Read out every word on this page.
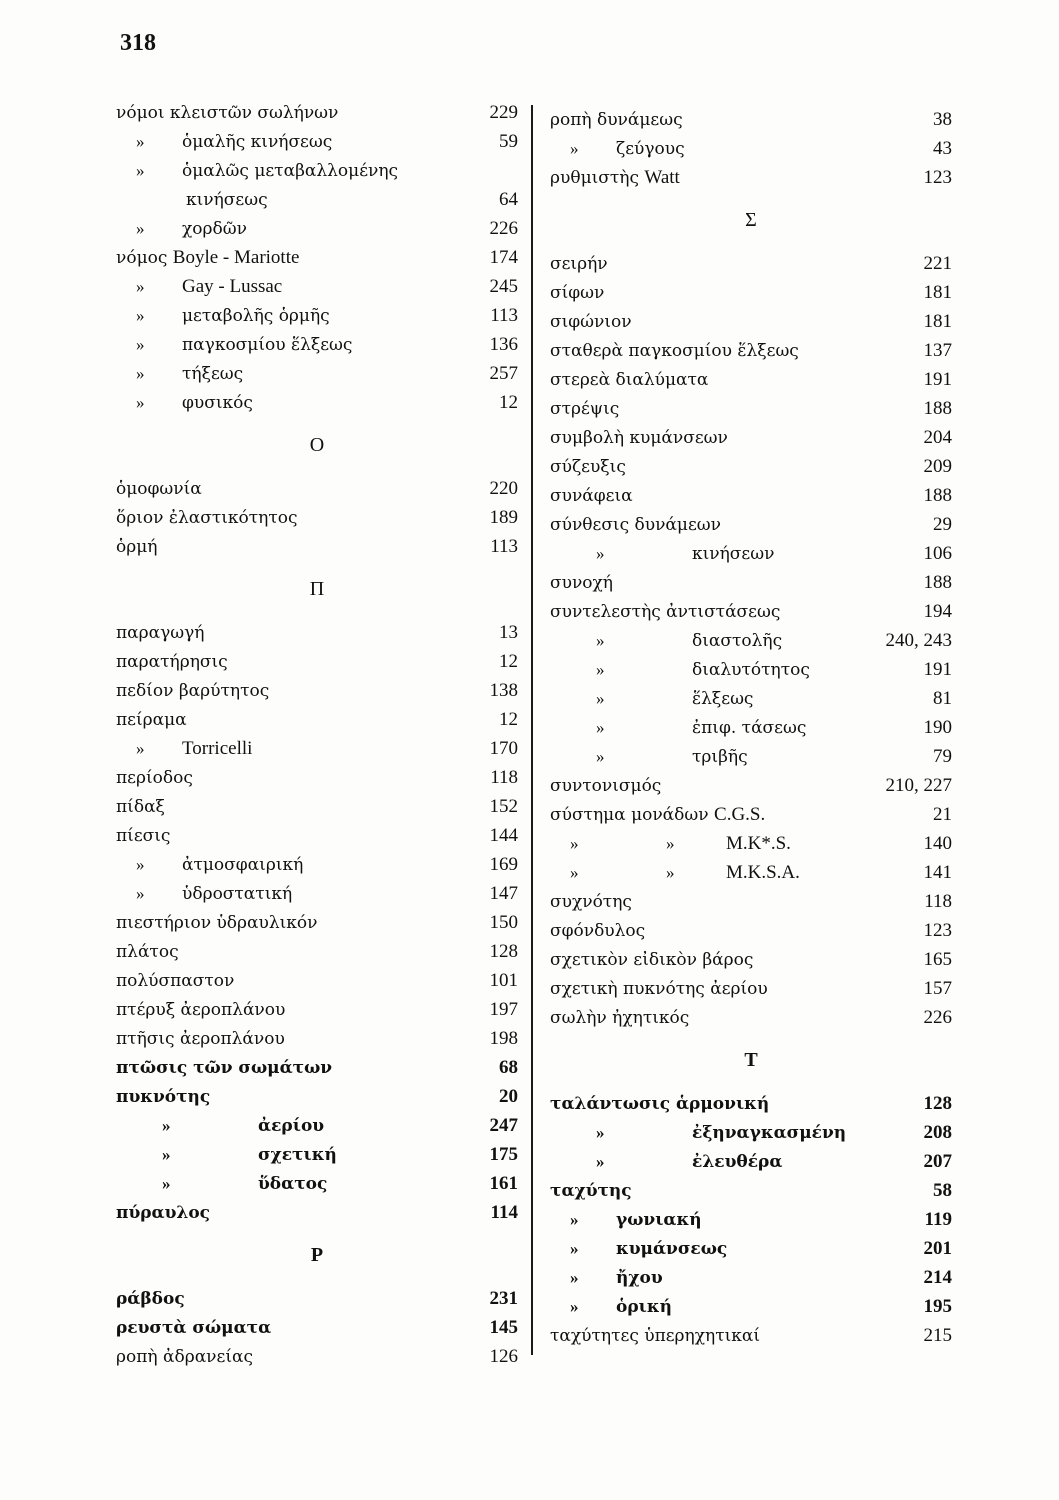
318
νόμοι κλειστῶν σωλήνων	229
» ὁμαλῆς κινήσεως	59
» ὁμαλῶς μεταβαλλομένης
κινήσεως	64
» χορδῶν	226
νόμος Boyle - Mariotte	174
» Gay - Lussac	245
» μεταβολῆς ὁρμῆς	113
» παγκοσμίου ἕλξεως	136
» τήξεως	257
» φυσικός	12
O
ὁμοφωνία	220
ὅριον ἐλαστικότητος	189
ὁρμή	113
Π
παραγωγή	13
παρατήρησις	12
πεδίον βαρύτητος	138
πείραμα	12
» Torricelli	170
περίοδος	118
πίδαξ	152
πίεσις	144
» ἀτμοσφαιρική	169
» ὑδροστατική	147
πιεστήριον ὑδραυλικόν	150
πλάτος	128
πολύσπαστον	101
πτέρυξ ἀεροπλάνου	197
πτῆσις ἀεροπλάνου	198
πτῶσις τῶν σωμάτων	68
πυκνότης	20
»	ἀερίου	247
»	σχετική	175
»	ὕδατος	161
πύραυλος	114
P
ράβδος	231
ρευστὰ σώματα	145
ροπὴ ἀδρανείας	126
ροπὴ δυνάμεως	38
» ζεύγους	43
ρυθμιστὴς Watt	123
Σ
σειρήν	221
σίφων	181
σιφώνιον	181
σταθερὰ παγκοσμίου ἕλξεως	137
στερεὰ διαλύματα	191
στρέψις	188
συμβολὴ κυμάνσεων	204
σύζευξις	209
συνάφεια	188
σύνθεσις δυνάμεων	29
»	κινήσεων	106
συνοχή	188
συντελεστὴς ἀντιστάσεως	194
»	διαστολῆς	240, 243
»	διαλυτότητος	191
»	ἕλξεως	81
»	ἐπιφ. τάσεως	190
»	τριβῆς	79
συντονισμός	210, 227
σύστημα μονάδων C.G.S.	21
»	»	M.K*.S.	140
»	»	M.K.S.A.	141
συχνότης	118
σφόνδυλος	123
σχετικὸν εἰδικὸν βάρος	165
σχετικὴ πυκνότης ἀερίου	157
σωλὴν ἠχητικός	226
T
ταλάντωσις ἁρμονική	128
»	ἐξηναγκασμένη	208
»	ἐλευθέρα	207
ταχύτης	58
» γωνιακή	119
» κυμάνσεως	201
» ἤχου	214
» ὁρική	195
ταχύτητες ὑπερηχητικαί	215
